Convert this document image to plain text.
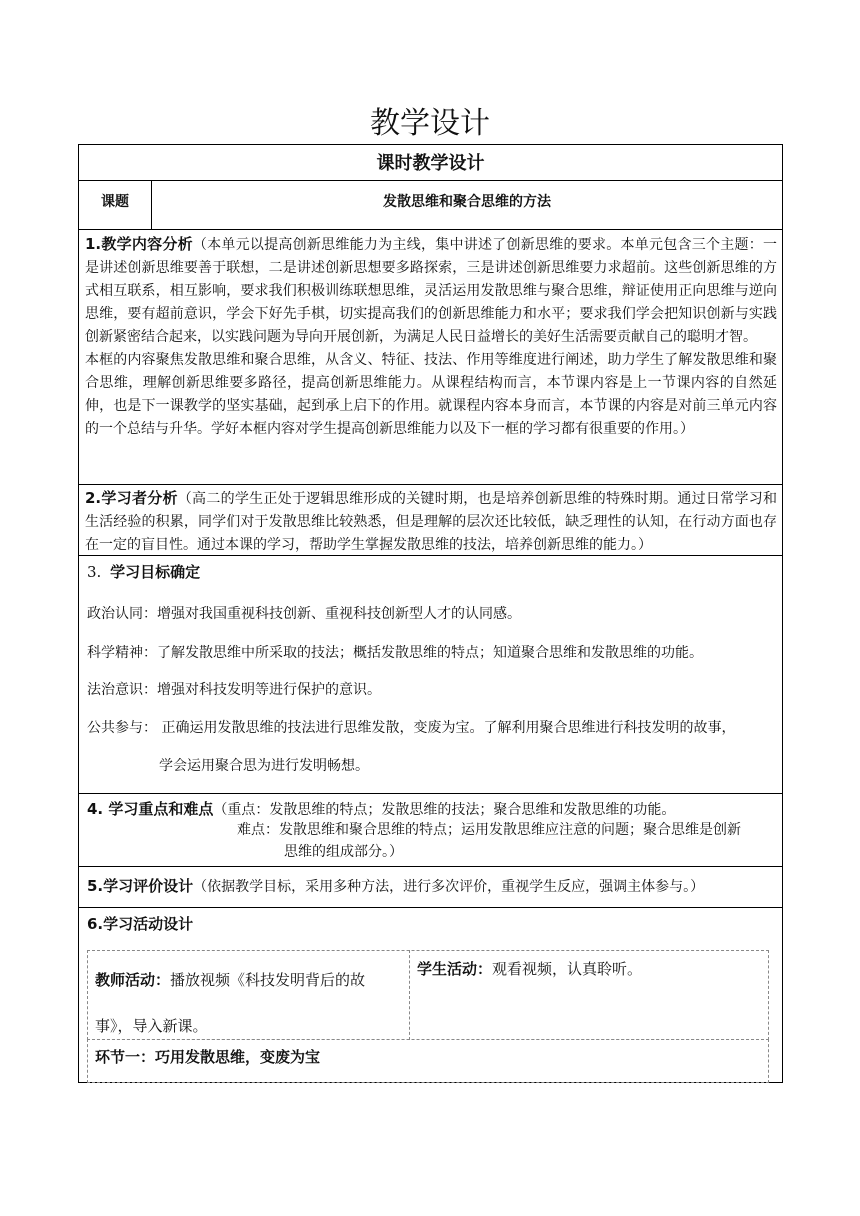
教学设计
课时教学设计
课题	发散思维和聚合思维的方法

1.教学内容分析（本单元以提高创新思维能力为主线，集中讲述了创新思维的要求。本单元包含三个主题：一是讲述创新思维要善于联想，二是讲述创新思想要多路探索，三是讲述创新思维要力求超前。这些创新思维的方式相互联系，相互影响，要求我们积极训练联想思维，灵活运用发散思维与聚合思维，辩证使用正向思维与逆向思维，要有超前意识，学会下好先手棋，切实提高我们的创新思维能力和水平；要求我们学会把知识创新与实践创新紧密结合起来，以实践问题为导向开展创新，为满足人民日益增长的美好生活需要贡献自己的聪明才智。

本框的内容聚焦发散思维和聚合思维，从含义、特征、技法、作用等维度进行阐述，助力学生了解发散思维和聚合思维，理解创新思维要多路径，提高创新思维能力。从课程结构而言，本节课内容是上一节课内容的自然延伸，也是下一课教学的坚实基础，起到承上启下的作用。就课程内容本身而言，本节课的内容是对前三单元内容的一个总结与升华。学好本框内容对学生提高创新思维能力以及下一框的学习都有很重要的作用。）

2.学习者分析（高二的学生正处于逻辑思维形成的关键时期，也是培养创新思维的特殊时期。通过日常学习和生活经验的积累，同学们对于发散思维比较熟悉，但是理解的层次还比较低，缺乏理性的认知，在行动方面也存在一定的盲目性。通过本课的学习，帮助学生掌握发散思维的技法，培养创新思维的能力。）

3. 学习目标确定
政治认同：增强对我国重视科技创新、重视科技创新型人才的认同感。
科学精神：了解发散思维中所采取的技法；概括发散思维的特点；知道聚合思维和发散思维的功能。
法治意识：增强对科技发明等进行保护的意识。
公共参与： 正确运用发散思维的技法进行思维发散，变废为宝。了解利用聚合思维进行科技发明的故事，
学会运用聚合思为进行发明畅想。
4. 学习重点和难点（重点：发散思维的特点；发散思维的技法；聚合思维和发散思维的功能。
难点：发散思维和聚合思维的特点；运用发散思维应注意的问题；聚合思维是创新
思维的组成部分。）
5.学习评价设计（依据教学目标，采用多种方法，进行多次评价，重视学生反应，强调主体参与。）
6.学习活动设计
教师活动：播放视频《科技发明背后的故
事》，导入新课。
学生活动：观看视频，认真聆听。
环节一：巧用发散思维，变废为宝
